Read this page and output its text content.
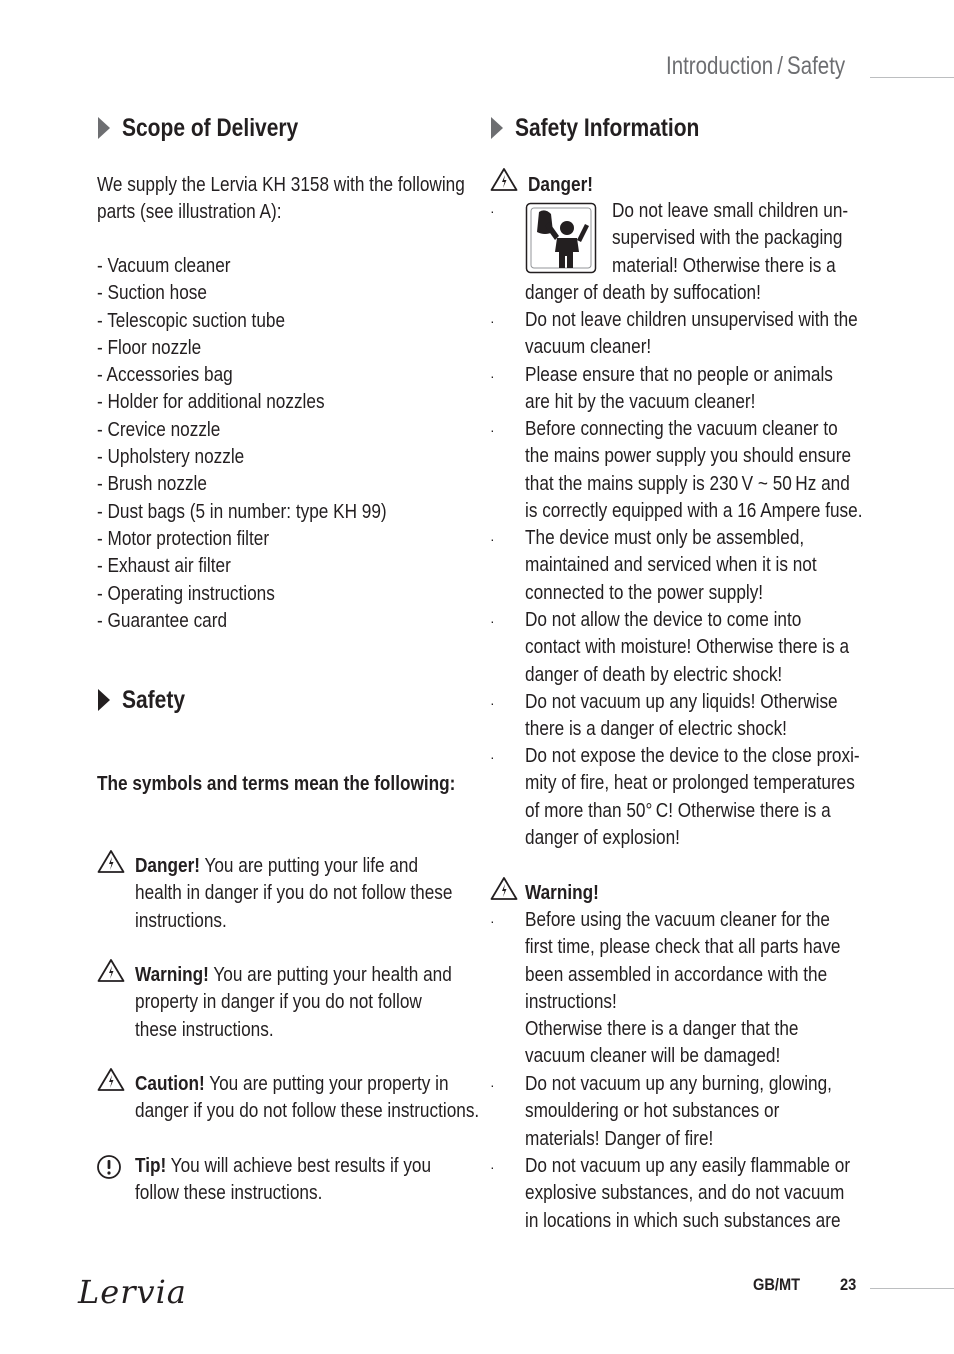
Introduction / Safety
Scope of Delivery
We supply the Lervia KH 3158 with the following
parts (see illustration A):
- Vacuum cleaner
- Suction hose
- Telescopic suction tube
- Floor nozzle
- Accessories bag
- Holder for additional nozzles
- Crevice nozzle
- Upholstery nozzle
- Brush nozzle
- Dust bags (5 in number: type KH 99)
- Motor protection filter
- Exhaust air filter
- Operating instructions
- Guarantee card
Safety
The symbols and terms mean the following:
Danger! You are putting your life and
health in danger if you do not follow these
instructions.
Warning! You are putting your health and
property in danger if you do not follow
these instructions.
Caution! You are putting your property in
danger if you do not follow these instructions.
Tip! You will achieve best results if you
follow these instructions.
Safety Information
Danger!
·	Do not leave small children un-
supervised with the packaging
material! Otherwise there is a
danger of death by suffocation!
· Do not leave children unsupervised with the
vacuum cleaner!
· Please ensure that no people or animals
are hit by the vacuum cleaner!
· Before connecting the vacuum cleaner to
the mains power supply you should ensure
that the mains supply is 230 V ~ 50 Hz and
is correctly equipped with a 16 Ampere fuse.
· The device must only be assembled,
maintained and serviced when it is not
connected to the power supply!
· Do not allow the device to come into
contact with moisture! Otherwise there is a
danger of death by electric shock!
· Do not vacuum up any liquids! Otherwise
there is a danger of electric shock!
· Do not expose the device to the close proxi-
mity of fire, heat or prolonged temperatures
of more than 50° C! Otherwise there is a
danger of explosion!
Warning!
· Before using the vacuum cleaner for the
first time, please check that all parts have
been assembled in accordance with the
instructions!
Otherwise there is a danger that the
vacuum cleaner will be damaged!
· Do not vacuum up any burning, glowing,
smouldering or hot substances or
materials! Danger of fire!
· Do not vacuum up any easily flammable or
explosive substances, and do not vacuum
in locations in which such substances are
Lervia	GB/MT 23
